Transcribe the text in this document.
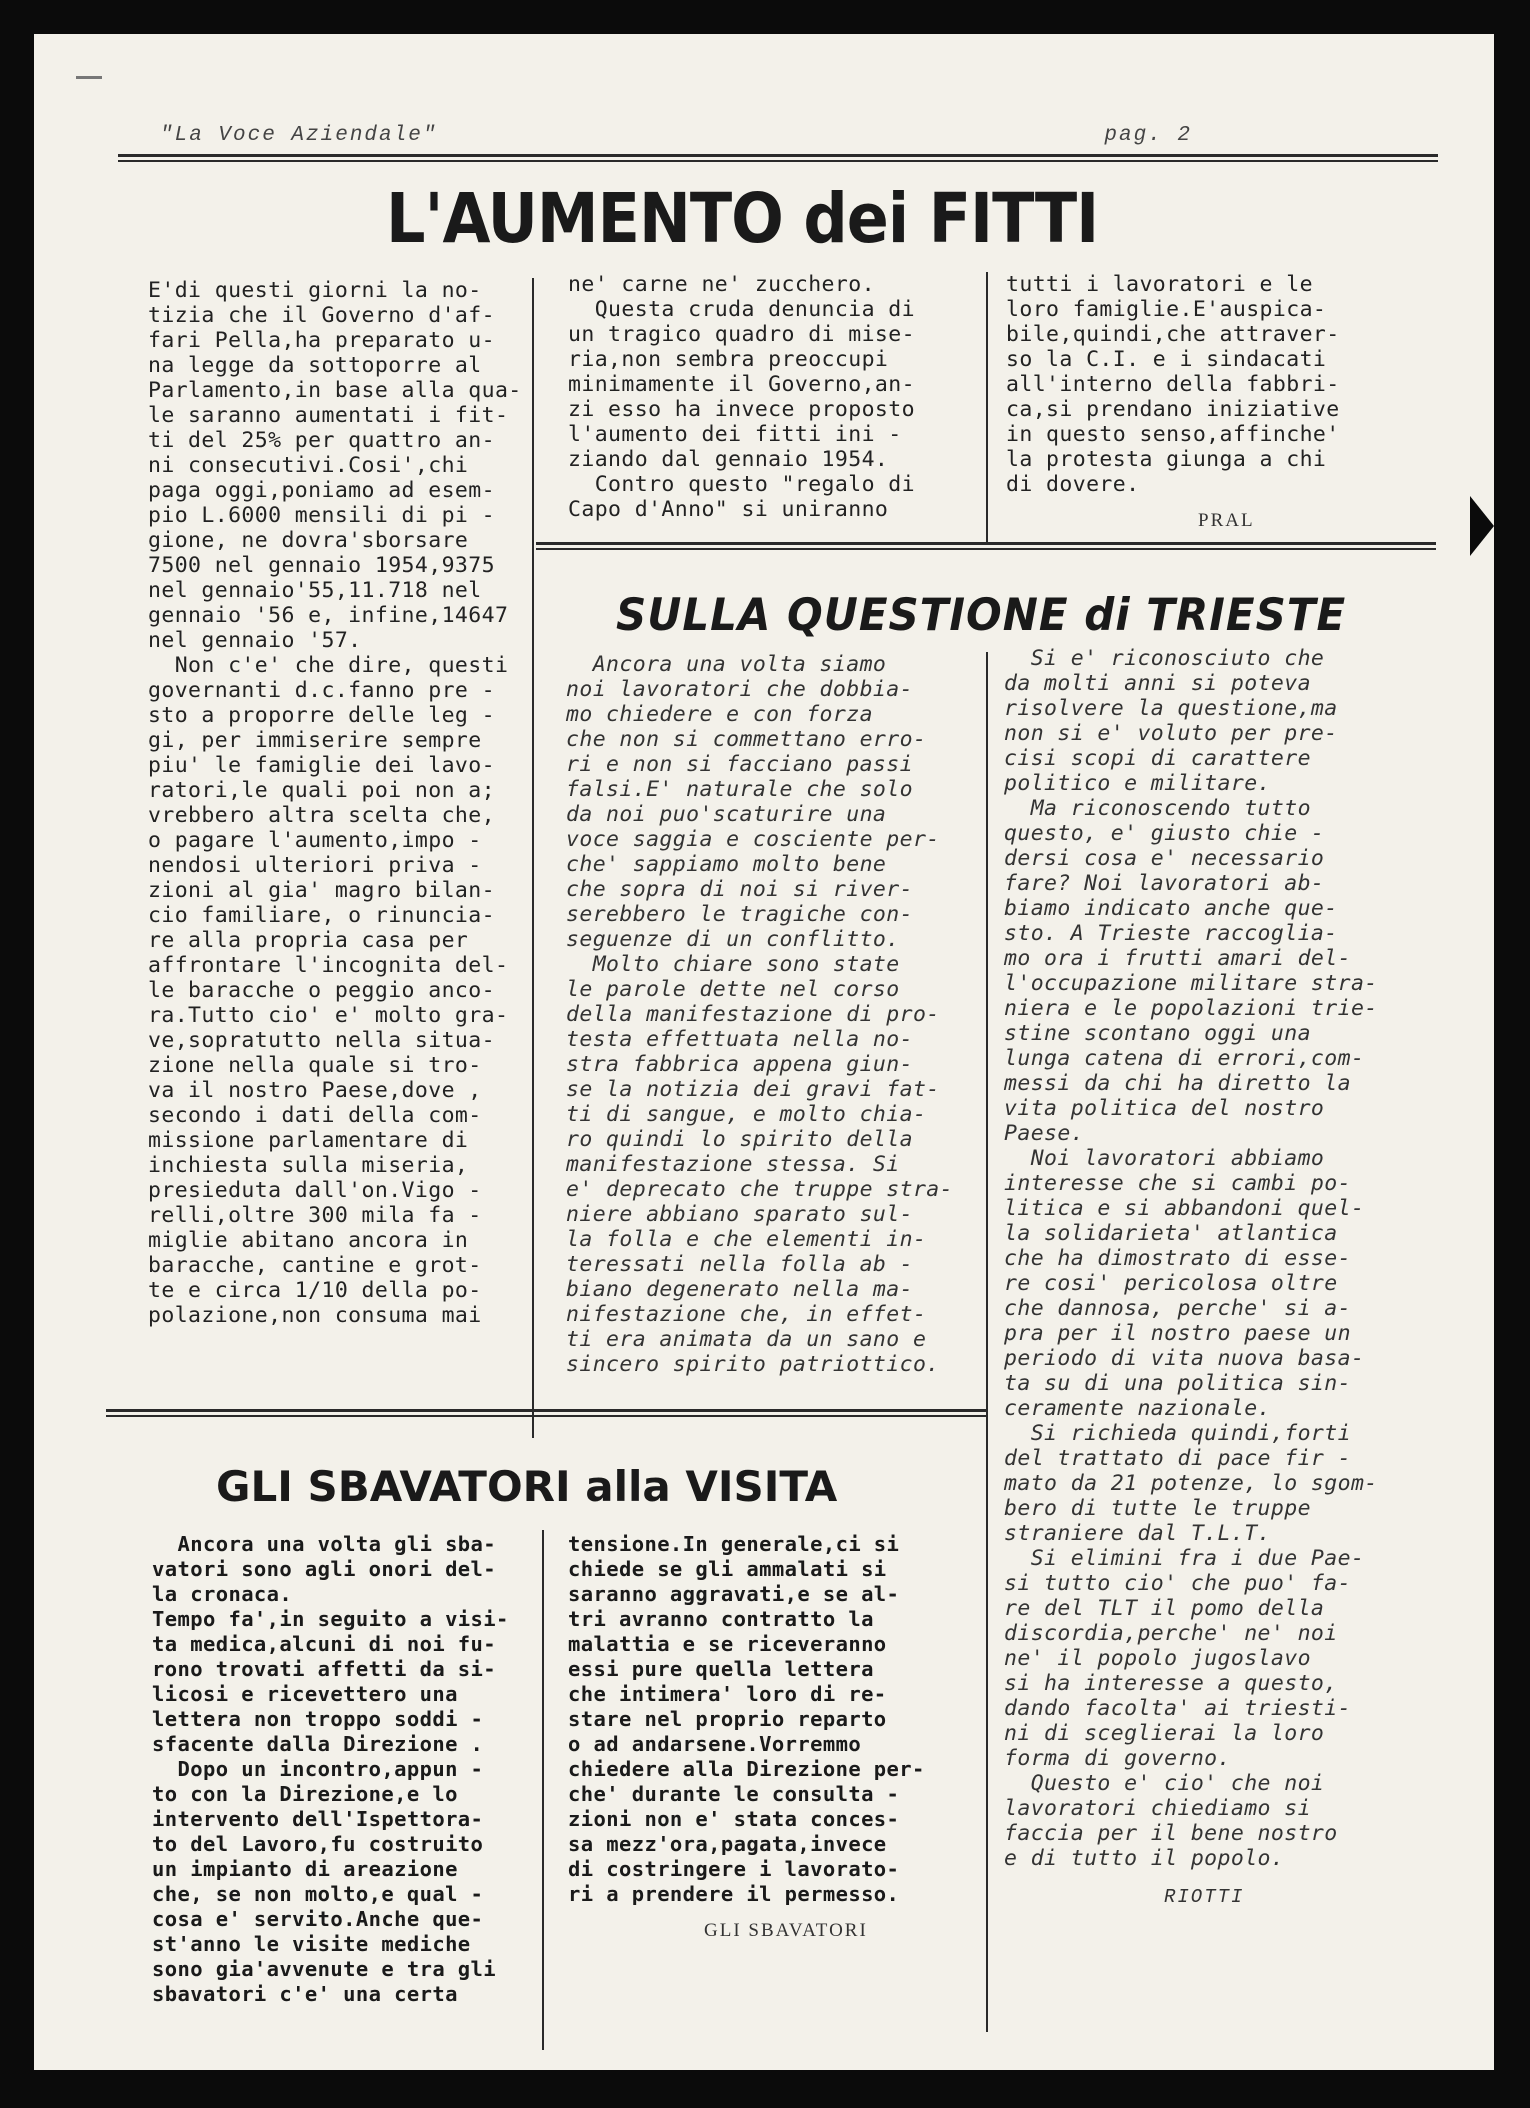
"La Voce Aziendale"	pag. 2
L'AUMENTO dei FITTI
E'di questi giorni la no-
tizia che il Governo d'af-
fari Pella,ha preparato u-
na legge da sottoporre al
Parlamento,in base alla qua-
le saranno aumentati i fit-
ti del 25% per quattro an-
ni consecutivi.Cosi',chi
paga oggi,poniamo ad esem-
pio L.6000 mensili di pi -
gione, ne dovra'sborsare
7500 nel gennaio 1954,9375
nel gennaio'55,11.718 nel
gennaio '56 e, infine,14647
nel gennaio '57.
Non c'e' che dire, questi
governanti d.c.fanno pre -
sto a proporre delle leg -
gi, per immiserire sempre
piu' le famiglie dei lavo-
ratori,le quali poi non a;
vrebbero altra scelta che,
o pagare l'aumento,impo -
nendosi ulteriori priva -
zioni al gia' magro bilan-
cio familiare, o rinuncia-
re alla propria casa per
affrontare l'incognita del-
le baracche o peggio anco-
ra.Tutto cio' e' molto gra-
ve,sopratutto nella situa-
zione nella quale si tro-
va il nostro Paese,dove ,
secondo i dati della com-
missione parlamentare di
inchiesta sulla miseria,
presieduta dall'on.Vigo -
relli,oltre 300 mila fa -
miglie abitano ancora in
baracche, cantine e grot-
te e circa 1/10 della po-
polazione,non consuma mai
ne' carne ne' zucchero.
Questa cruda denuncia di
un tragico quadro di mise-
ria,non sembra preoccupi
minimamente il Governo,an-
zi esso ha invece proposto
l'aumento dei fitti ini -
ziando dal gennaio 1954.
Contro questo "regalo di
Capo d'Anno" si uniranno
tutti i lavoratori e le
loro famiglie.E'auspica-
bile,quindi,che attraver-
so la C.I. e i sindacati
all'interno della fabbri-
ca,si prendano iniziative
in questo senso,affinche'
la protesta giunga a chi
di dovere.
PRAL
SULLA QUESTIONE di TRIESTE
Ancora una volta siamo
noi lavoratori che dobbia-
mo chiedere e con forza
che non si commettano erro-
ri e non si facciano passi
falsi.E' naturale che solo
da noi puo'scaturire una
voce saggia e cosciente per-
che' sappiamo molto bene
che sopra di noi si river-
serebbero le tragiche con-
seguenze di un conflitto.
Molto chiare sono state
le parole dette nel corso
della manifestazione di pro-
testa effettuata nella no-
stra fabbrica appena giun-
se la notizia dei gravi fat-
ti di sangue, e molto chia-
ro quindi lo spirito della
manifestazione stessa. Si
e' deprecato che truppe stra-
niere abbiano sparato sul-
la folla e che elementi in-
teressati nella folla ab -
biano degenerato nella ma-
nifestazione che, in effet-
ti era animata da un sano e
sincero spirito patriottico.
Si e' riconosciuto che
da molti anni si poteva
risolvere la questione,ma
non si e' voluto per pre-
cisi scopi di carattere
politico e militare.
Ma riconoscendo tutto
questo, e' giusto chie -
dersi cosa e' necessario
fare? Noi lavoratori ab-
biamo indicato anche que-
sto. A Trieste raccoglia-
mo ora i frutti amari del-
l'occupazione militare stra-
niera e le popolazioni trie-
stine scontano oggi una
lunga catena di errori,com-
messi da chi ha diretto la
vita politica del nostro
Paese.
Noi lavoratori abbiamo
interesse che si cambi po-
litica e si abbandoni quel-
la solidarieta' atlantica
che ha dimostrato di esse-
re cosi' pericolosa oltre
che dannosa, perche' si a-
pra per il nostro paese un
periodo di vita nuova basa-
ta su di una politica sin-
ceramente nazionale.
Si richieda quindi,forti
del trattato di pace fir -
mato da 21 potenze, lo sgom-
bero di tutte le truppe
straniere dal T.L.T.
Si elimini fra i due Pae-
si tutto cio' che puo' fa-
re del TLT il pomo della
discordia,perche' ne' noi
ne' il popolo jugoslavo
si ha interesse a questo,
dando facolta' ai triesti-
ni di sceglierai la loro
forma di governo.
Questo e' cio' che noi
lavoratori chiediamo si
faccia per il bene nostro
e di tutto il popolo.
RIOTTI
GLI SBAVATORI alla VISITA
Ancora una volta gli sba-
vatori sono agli onori del-
la cronaca.
Tempo fa',in seguito a visi-
ta medica,alcuni di noi fu-
rono trovati affetti da si-
licosi e ricevettero una
lettera non troppo soddi -
sfacente dalla Direzione .
Dopo un incontro,appun -
to con la Direzione,e lo
intervento dell'Ispettora-
to del Lavoro,fu costruito
un impianto di areazione
che, se non molto,e qual -
cosa e' servito.Anche que-
st'anno le visite mediche
sono gia'avvenute e tra gli
sbavatori c'e' una certa
tensione.In generale,ci si
chiede se gli ammalati si
saranno aggravati,e se al-
tri avranno contratto la
malattia e se riceveranno
essi pure quella lettera
che intimera' loro di re-
stare nel proprio reparto
o ad andarsene.Vorremmo
chiedere alla Direzione per-
che' durante le consulta -
zioni non e' stata conces-
sa mezz'ora,pagata,invece
di costringere i lavorato-
ri a prendere il permesso.
GLI SBAVATORI
